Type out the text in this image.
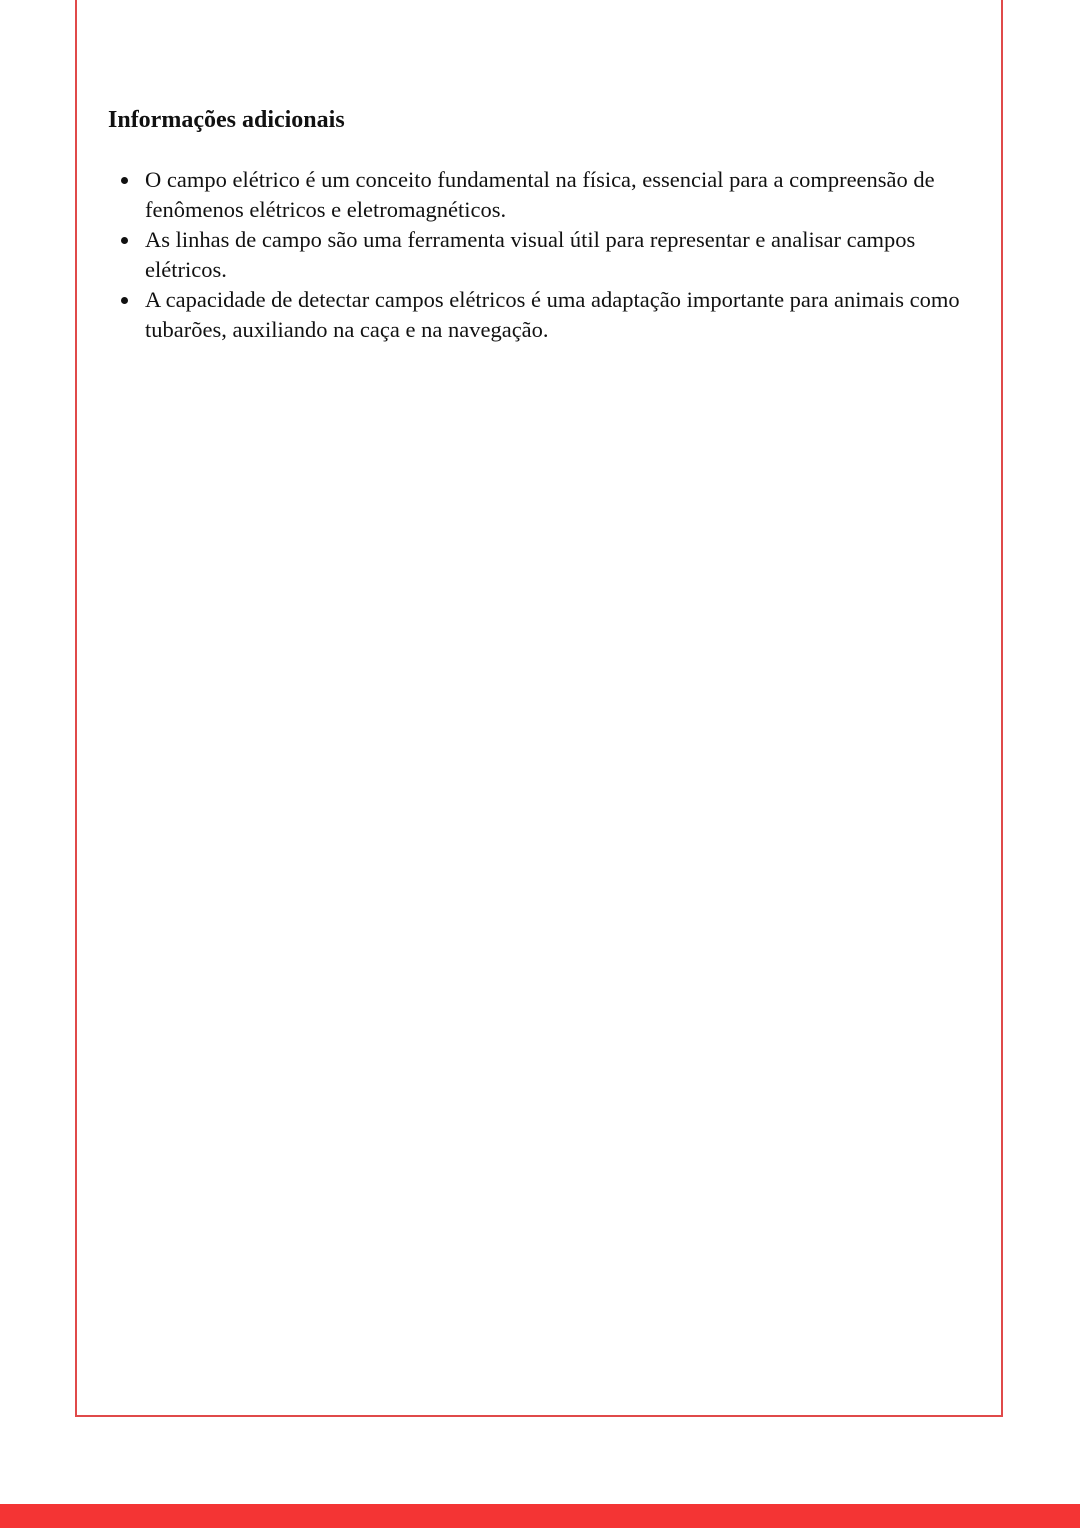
Informações adicionais
O campo elétrico é um conceito fundamental na física, essencial para a compreensão de fenômenos elétricos e eletromagnéticos.
As linhas de campo são uma ferramenta visual útil para representar e analisar campos elétricos.
A capacidade de detectar campos elétricos é uma adaptação importante para animais como tubarões, auxiliando na caça e na navegação.
